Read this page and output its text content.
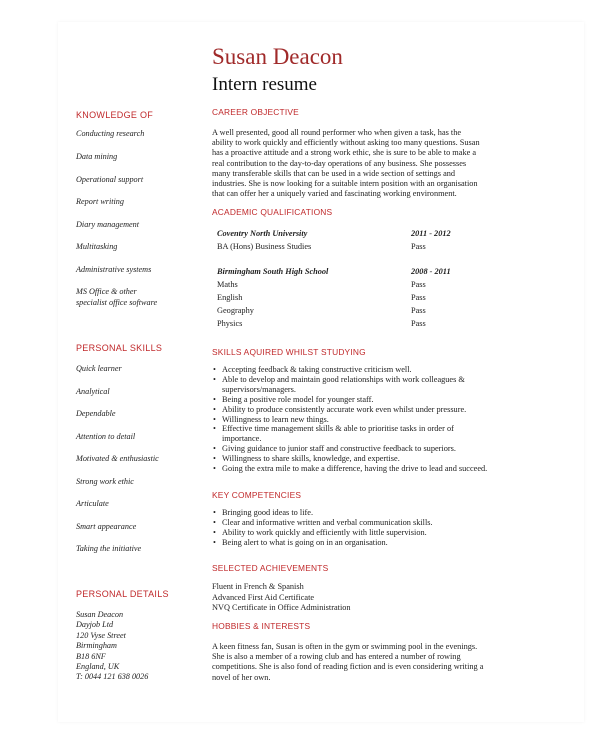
Susan Deacon
Intern resume
KNOWLEDGE OF
Conducting research
Data mining
Operational support
Report writing
Diary management
Multitasking
Administrative systems
MS Office & other
specialist office software
PERSONAL SKILLS
Quick learner
Analytical
Dependable
Attention to detail
Motivated & enthusiastic
Strong work ethic
Articulate
Smart appearance
Taking the initiative
PERSONAL DETAILS
Susan Deacon
Dayjob Ltd
120 Vyse Street
Birmingham
B18 6NF
England, UK
T: 0044 121 638 0026
CAREER OBJECTIVE
A well presented, good all round performer who when given a task, has the
ability to work quickly and efficiently without asking too many questions. Susan
has a proactive attitude and a strong work ethic, she is sure to be able to make a
real contribution to the day-to-day operations of any business. She possesses
many transferable skills that can be used in a wide section of settings and
industries. She is now looking for a suitable intern position with an organisation
that can offer her a uniquely varied and fascinating working environment.
ACADEMIC QUALIFICATIONS
Coventry North University	2011 - 2012
BA (Hons) Business Studies	Pass
Birmingham South High School	2008 - 2011
Maths	Pass
English	Pass
Geography	Pass
Physics	Pass
SKILLS AQUIRED WHILST STUDYING
• Accepting feedback & taking constructive criticism well.
• Able to develop and maintain good relationships with work colleagues &
supervisors/managers.
• Being a positive role model for younger staff.
• Ability to produce consistently accurate work even whilst under pressure.
• Willingness to learn new things.
• Effective time management skills & able to prioritise tasks in order of
importance.
• Giving guidance to junior staff and constructive feedback to superiors.
• Willingness to share skills, knowledge, and expertise.
• Going the extra mile to make a difference, having the drive to lead and succeed.
KEY COMPETENCIES
• Bringing good ideas to life.
• Clear and informative written and verbal communication skills.
• Ability to work quickly and efficiently with little supervision.
• Being alert to what is going on in an organisation.
SELECTED ACHIEVEMENTS
Fluent in French & Spanish
Advanced First Aid Certificate
NVQ Certificate in Office Administration
HOBBIES & INTERESTS
A keen fitness fan, Susan is often in the gym or swimming pool in the evenings.
She is also a member of a rowing club and has entered a number of rowing
competitions. She is also fond of reading fiction and is even considering writing a
novel of her own.
